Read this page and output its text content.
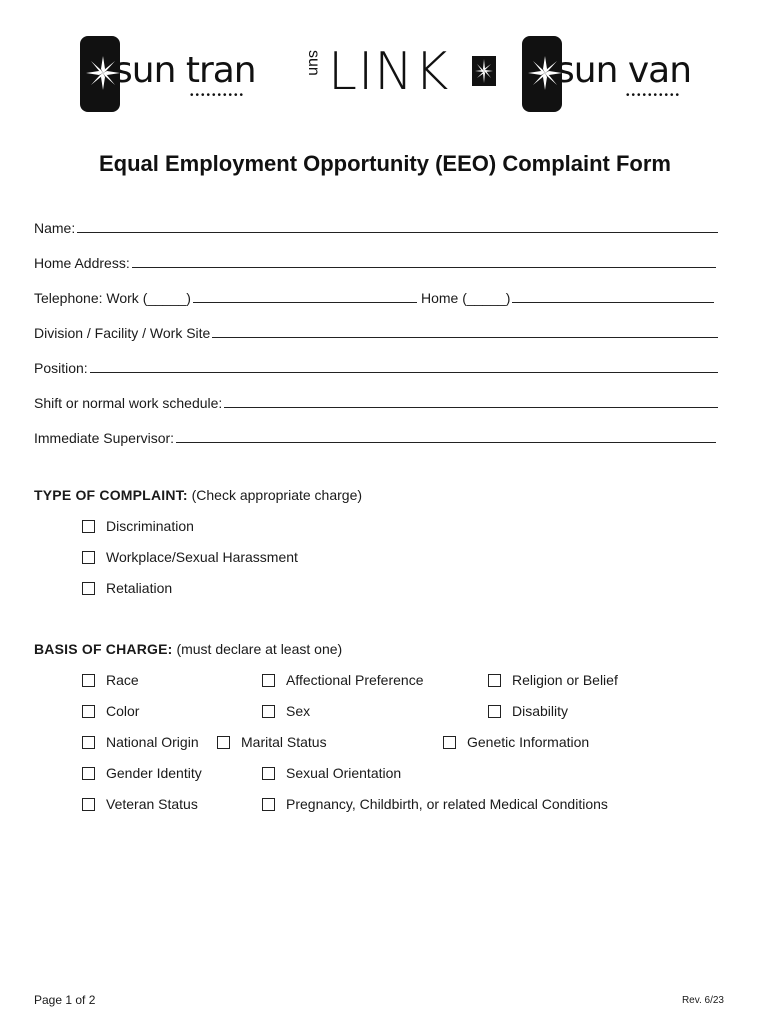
sun tran
••••••••••
sun LINK	sun van
••••••••••
Equal Employment Opportunity (EEO) Complaint Form
Name:
Home Address:
Telephone: Work (_____)	Home (_____)
Division / Facility / Work Site
Position:
Shift or normal work schedule:
Immediate Supervisor:
TYPE OF COMPLAINT: (Check appropriate charge)
Discrimination
Workplace/Sexual Harassment
Retaliation
BASIS OF CHARGE: (must declare at least one)
Race	Affectional Preference	Religion or Belief
Color	Sex	Disability
National Origin	Marital Status	Genetic Information
Gender Identity	Sexual Orientation
Veteran Status	Pregnancy, Childbirth, or related Medical Conditions
Page 1 of 2	Rev. 6/23
